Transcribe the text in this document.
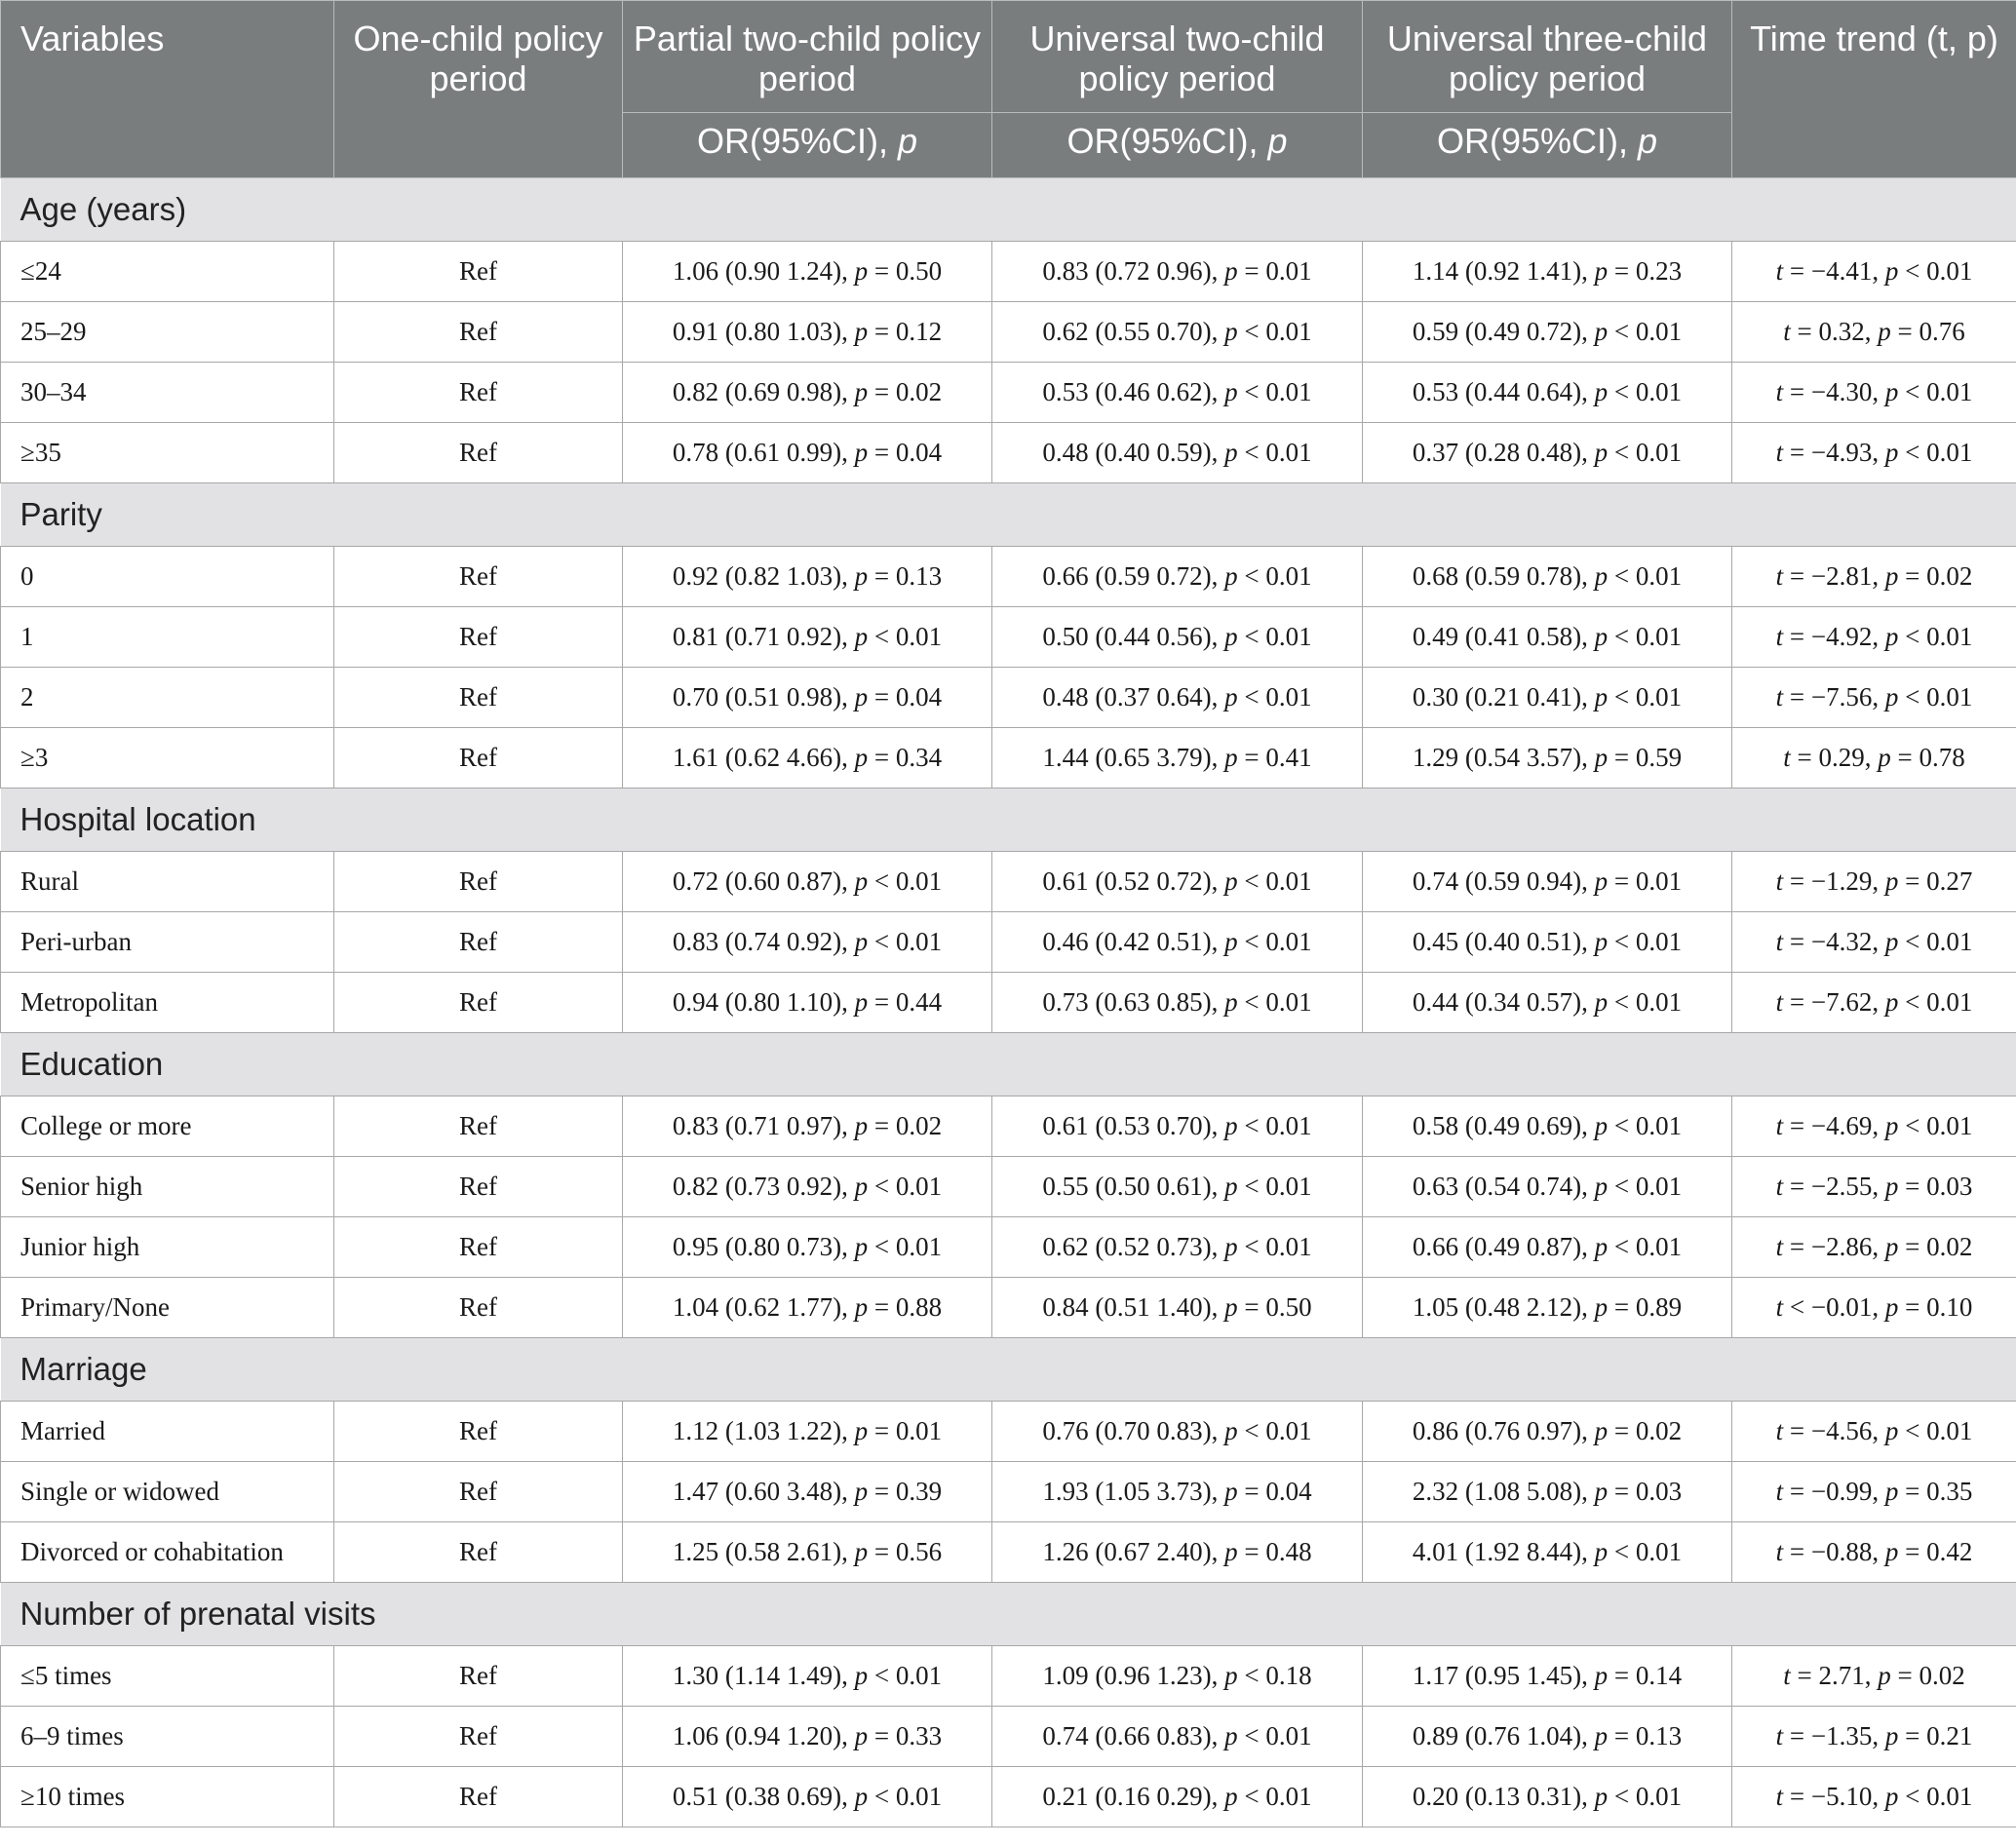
Variables	One-child policy period	Partial two-child policy period	Universal two-child policy period	Universal three-child policy period	Time trend (t, p)
		OR(95%CI), p	OR(95%CI), p	OR(95%CI), p	
Age (years)					
≤24	Ref	1.06 (0.90 1.24), p = 0.50	0.83 (0.72 0.96), p = 0.01	1.14 (0.92 1.41), p = 0.23	t = −4.41, p < 0.01
25–29	Ref	0.91 (0.80 1.03), p = 0.12	0.62 (0.55 0.70), p < 0.01	0.59 (0.49 0.72), p < 0.01	t = 0.32, p = 0.76
30–34	Ref	0.82 (0.69 0.98), p = 0.02	0.53 (0.46 0.62), p < 0.01	0.53 (0.44 0.64), p < 0.01	t = −4.30, p < 0.01
≥35	Ref	0.78 (0.61 0.99), p = 0.04	0.48 (0.40 0.59), p < 0.01	0.37 (0.28 0.48), p < 0.01	t = −4.93, p < 0.01
Parity					
0	Ref	0.92 (0.82 1.03), p = 0.13	0.66 (0.59 0.72), p < 0.01	0.68 (0.59 0.78), p < 0.01	t = −2.81, p = 0.02
1	Ref	0.81 (0.71 0.92), p < 0.01	0.50 (0.44 0.56), p < 0.01	0.49 (0.41 0.58), p < 0.01	t = −4.92, p < 0.01
2	Ref	0.70 (0.51 0.98), p = 0.04	0.48 (0.37 0.64), p < 0.01	0.30 (0.21 0.41), p < 0.01	t = −7.56, p < 0.01
≥3	Ref	1.61 (0.62 4.66), p = 0.34	1.44 (0.65 3.79), p = 0.41	1.29 (0.54 3.57), p = 0.59	t = 0.29, p = 0.78
Hospital location					
Rural	Ref	0.72 (0.60 0.87), p < 0.01	0.61 (0.52 0.72), p < 0.01	0.74 (0.59 0.94), p = 0.01	t = −1.29, p = 0.27
Peri-urban	Ref	0.83 (0.74 0.92), p < 0.01	0.46 (0.42 0.51), p < 0.01	0.45 (0.40 0.51), p < 0.01	t = −4.32, p < 0.01
Metropolitan	Ref	0.94 (0.80 1.10), p = 0.44	0.73 (0.63 0.85), p < 0.01	0.44 (0.34 0.57), p < 0.01	t = −7.62, p < 0.01
Education					
College or more	Ref	0.83 (0.71 0.97), p = 0.02	0.61 (0.53 0.70), p < 0.01	0.58 (0.49 0.69), p < 0.01	t = −4.69, p < 0.01
Senior high	Ref	0.82 (0.73 0.92), p < 0.01	0.55 (0.50 0.61), p < 0.01	0.63 (0.54 0.74), p < 0.01	t = −2.55, p = 0.03
Junior high	Ref	0.95 (0.80 0.73), p < 0.01	0.62 (0.52 0.73), p < 0.01	0.66 (0.49 0.87), p < 0.01	t = −2.86, p = 0.02
Primary/None	Ref	1.04 (0.62 1.77), p = 0.88	0.84 (0.51 1.40), p = 0.50	1.05 (0.48 2.12), p = 0.89	t < −0.01, p = 0.10
Marriage					
Married	Ref	1.12 (1.03 1.22), p = 0.01	0.76 (0.70 0.83), p < 0.01	0.86 (0.76 0.97), p = 0.02	t = −4.56, p < 0.01
Single or widowed	Ref	1.47 (0.60 3.48), p = 0.39	1.93 (1.05 3.73), p = 0.04	2.32 (1.08 5.08), p = 0.03	t = −0.99, p = 0.35
Divorced or cohabitation	Ref	1.25 (0.58 2.61), p = 0.56	1.26 (0.67 2.40), p = 0.48	4.01 (1.92 8.44), p < 0.01	t = −0.88, p = 0.42
Number of prenatal visits					
≤5 times	Ref	1.30 (1.14 1.49), p < 0.01	1.09 (0.96 1.23), p < 0.18	1.17 (0.95 1.45), p = 0.14	t = 2.71, p = 0.02
6–9 times	Ref	1.06 (0.94 1.20), p = 0.33	0.74 (0.66 0.83), p < 0.01	0.89 (0.76 1.04), p = 0.13	t = −1.35, p = 0.21
≥10 times	Ref	0.51 (0.38 0.69), p < 0.01	0.21 (0.16 0.29), p < 0.01	0.20 (0.13 0.31), p < 0.01	t = −5.10, p < 0.01
